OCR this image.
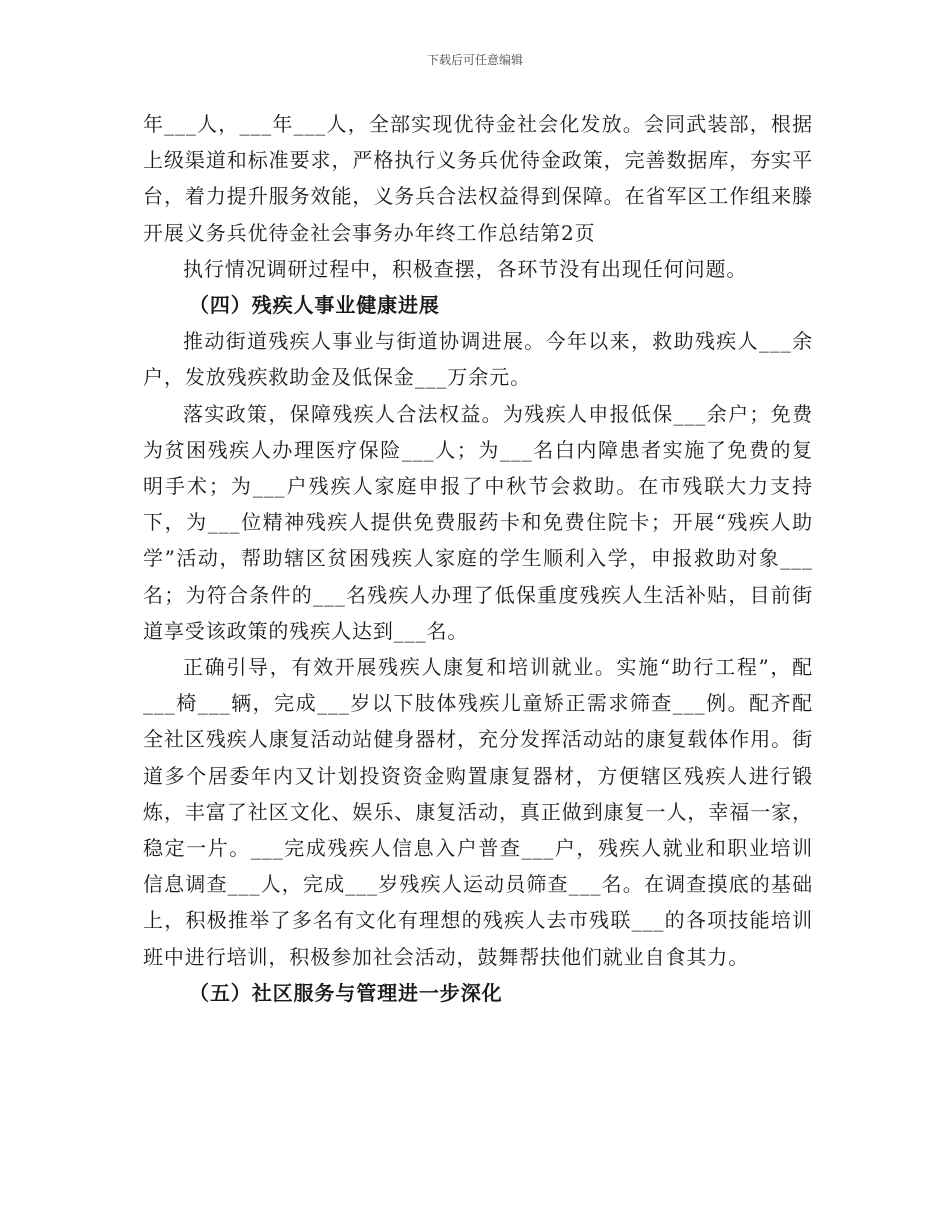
下载后可任意编辑

年___人，___年___人，全部实现优待金社会化发放。会同武装部，根据上级渠道和标准要求，严格执行义务兵优待金政策，完善数据库，夯实平台，着力提升服务效能，义务兵合法权益得到保障。在省军区工作组来滕开展义务兵优待金社会事务办年终工作总结第2页

执行情况调研过程中，积极查摆，各环节没有出现任何问题。

（四）残疾人事业健康进展

推动街道残疾人事业与街道协调进展。今年以来，救助残疾人___余户，发放残疾救助金及低保金___万余元。

落实政策，保障残疾人合法权益。为残疾人申报低保___余户；免费为贫困残疾人办理医疗保险___人；为___名白内障患者实施了免费的复明手术；为___户残疾人家庭申报了中秋节会救助。在市残联大力支持下，为___位精神残疾人提供免费服药卡和免费住院卡；开展“残疾人助学”活动，帮助辖区贫困残疾人家庭的学生顺利入学，申报救助对象___名；为符合条件的___名残疾人办理了低保重度残疾人生活补贴，目前街道享受该政策的残疾人达到___名。

正确引导，有效开展残疾人康复和培训就业。实施“助行工程”，配___椅___辆，完成___岁以下肢体残疾儿童矫正需求筛查___例。配齐配全社区残疾人康复活动站健身器材，充分发挥活动站的康复载体作用。街道多个居委年内又计划投资资金购置康复器材，方便辖区残疾人进行锻炼，丰富了社区文化、娱乐、康复活动，真正做到康复一人，幸福一家，稳定一片。___完成残疾人信息入户普查___户，残疾人就业和职业培训信息调查___人，完成___岁残疾人运动员筛查___名。在调查摸底的基础上，积极推举了多名有文化有理想的残疾人去市残联___的各项技能培训班中进行培训，积极参加社会活动，鼓舞帮扶他们就业自食其力。

（五）社区服务与管理进一步深化
